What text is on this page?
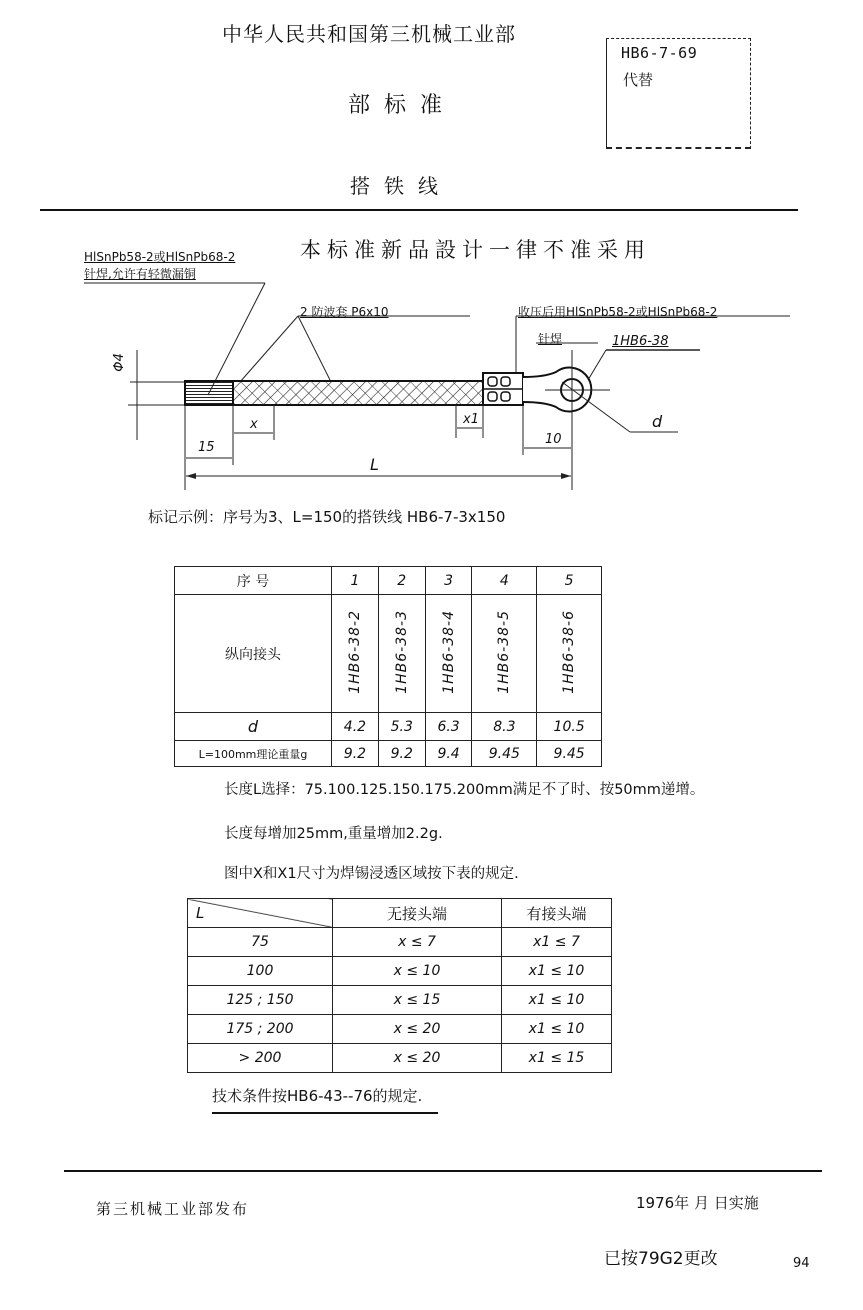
中华人民共和国第三机械工业部
部标准
搭铁线
HB6-7-69
代替
本标准新品設计一律不准采用
HlSnPb58-2或HlSnPb68-2
针焊,允许有轻微漏铜
2 防波套 P6x10	收压后用HlSnPb58-2或HlSnPb68-2
针焊	1HB6-38
Φ4
15
x	x1
10
L
d
标记示例：序号为3、L=150的搭铁线 HB6-7-3x150
序 号	1	2	3	4	5
纵向接头	1HB6-38-2	1HB6-38-3	1HB6-38-4	1HB6-38-5	1HB6-38-6
d	4.2	5.3	6.3	8.3	10.5
L=100mm理论重量g	9.2	9.2	9.4	9.45	9.45
长度L选择：75.100.125.150.175.200mm满足不了时、按50mm递增。
长度每增加25mm,重量增加2.2g.
图中X和X1尺寸为焊锡浸透区域按下表的规定.
L	无接头端	有接头端
75	x ≤ 7	x1 ≤ 7
100	x ≤ 10	x1 ≤ 10
125 ; 150	x ≤ 15	x1 ≤ 10
175 ; 200	x ≤ 20	x1 ≤ 10
> 200	x ≤ 20	x1 ≤ 15
技术条件按HB6-43--76的规定.
第三机械工业部发布	1976年 月 日实施
已按79G2更改	94
